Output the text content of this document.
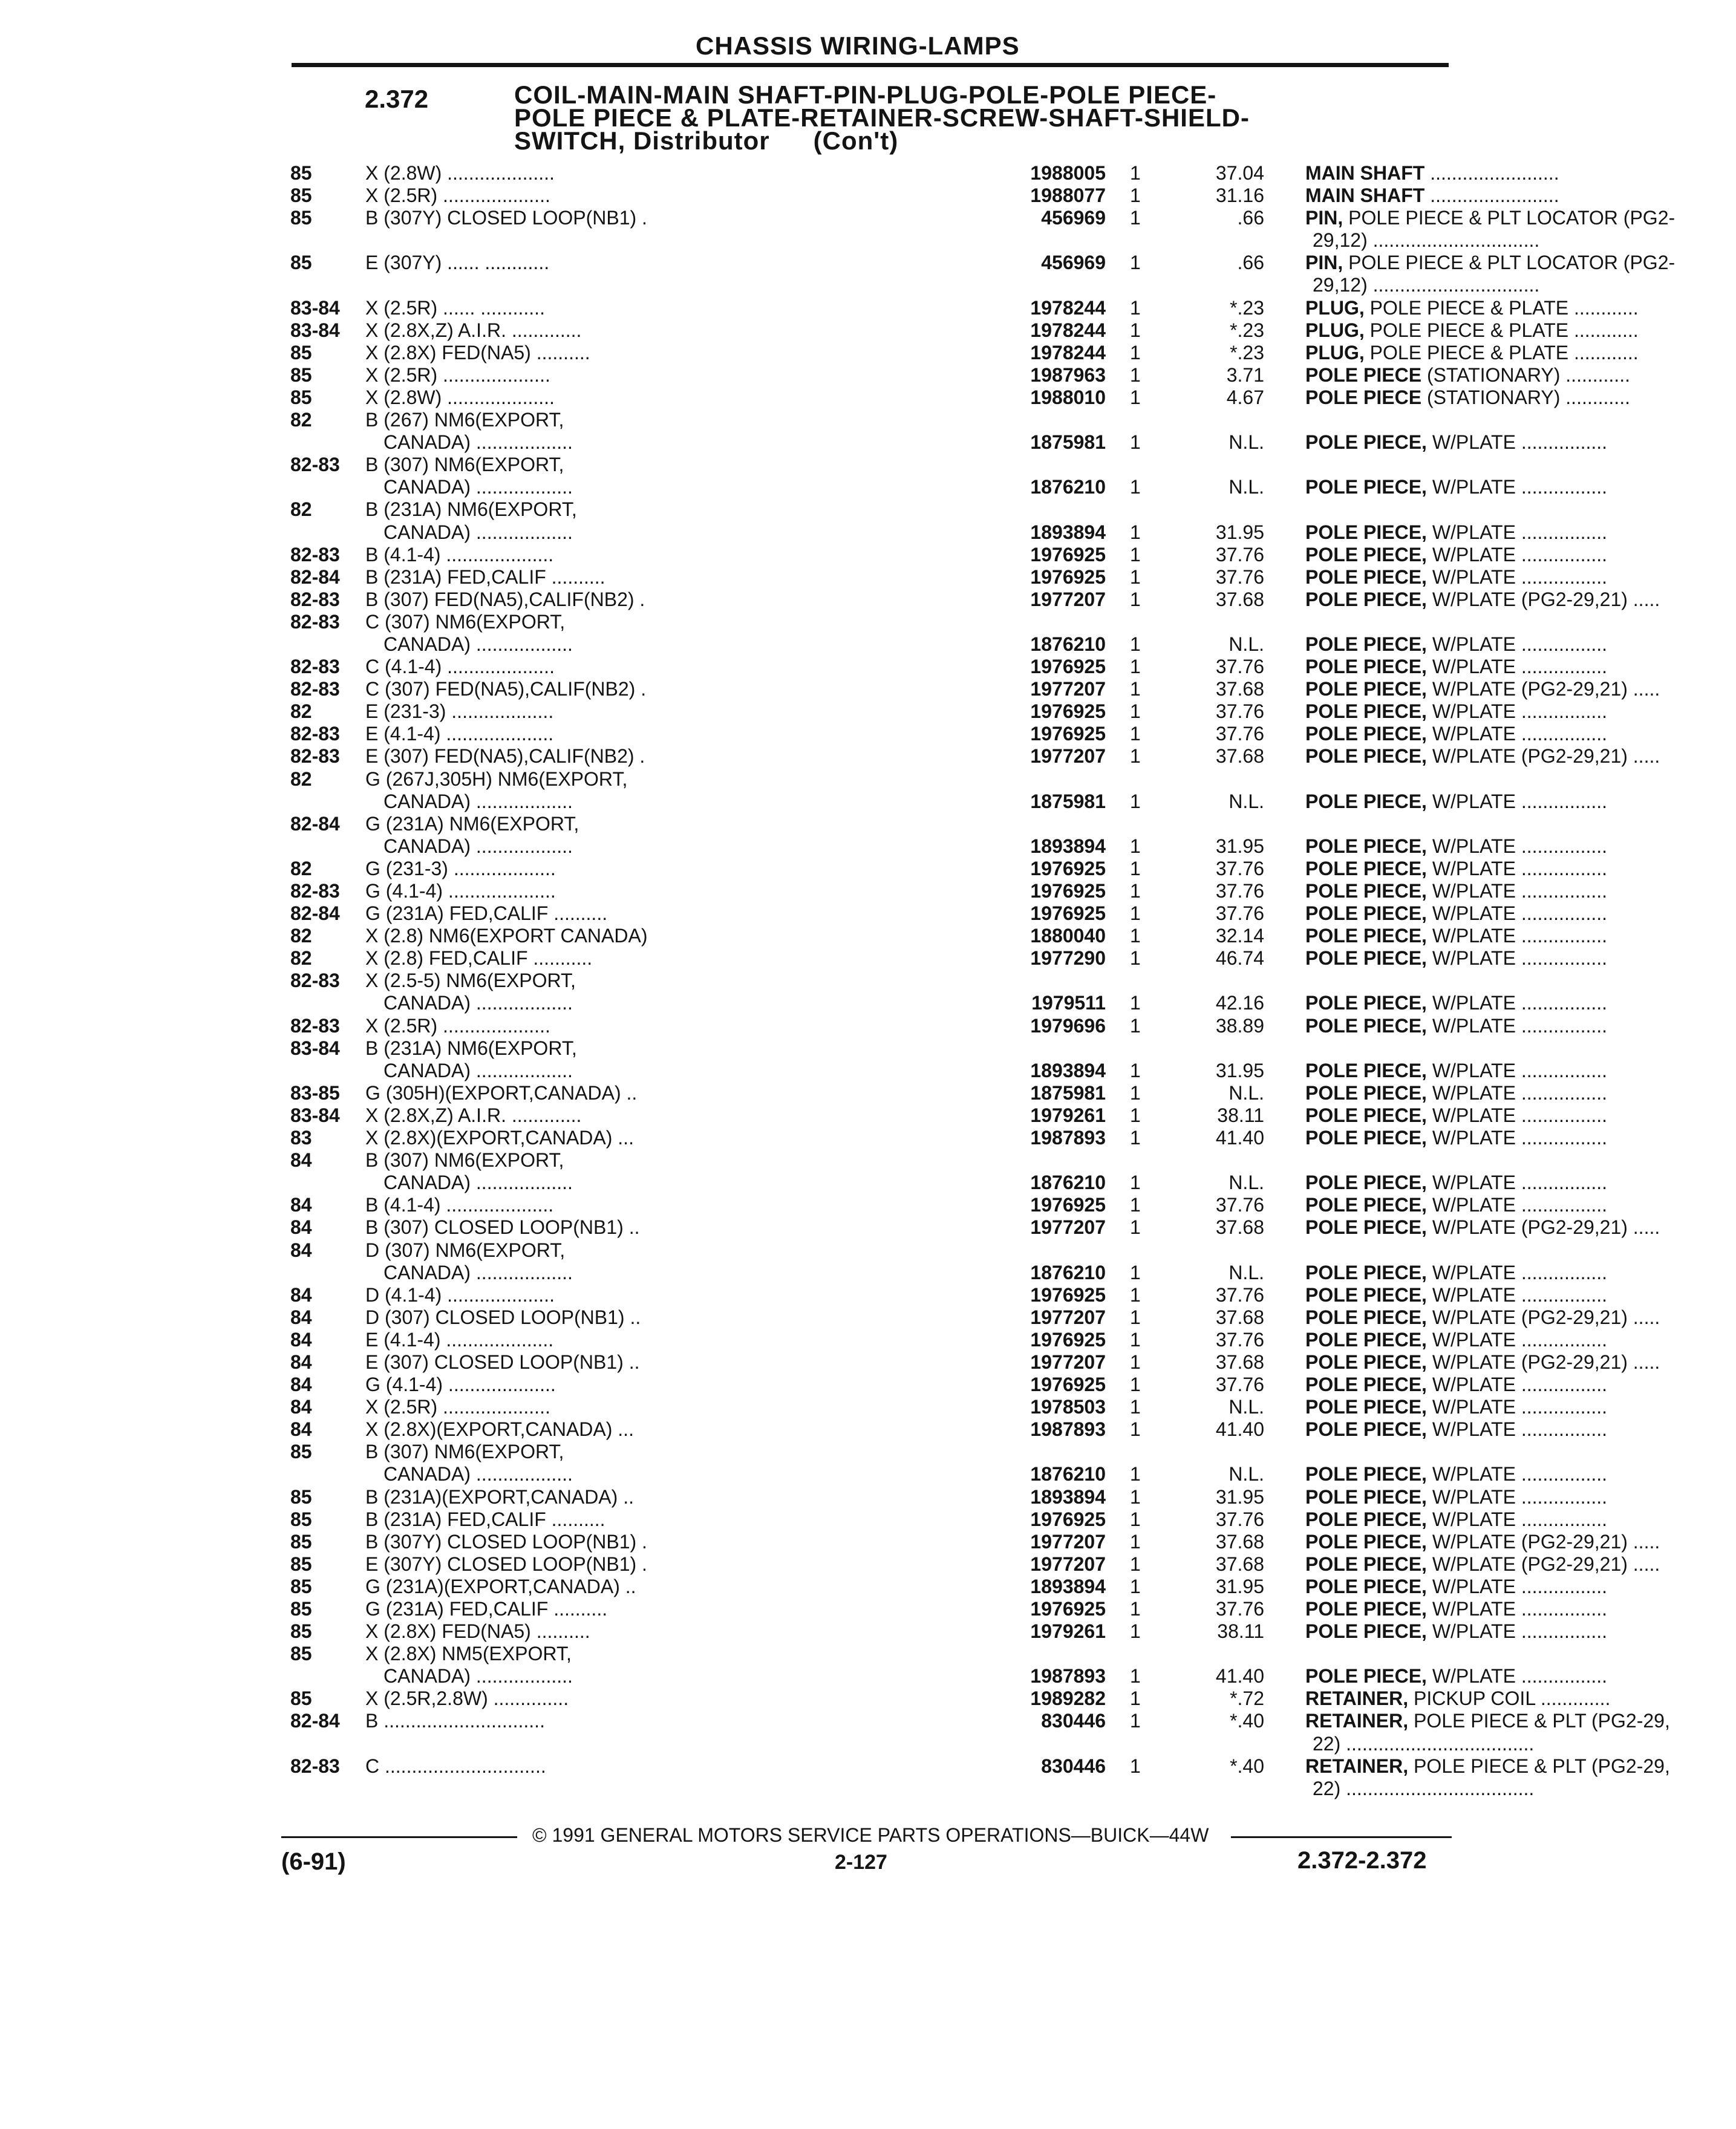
CHASSIS WIRING-LAMPS
2.372	COIL-MAIN-MAIN SHAFT-PIN-PLUG-POLE-POLE PIECE-
POLE PIECE & PLATE-RETAINER-SCREW-SHAFT-SHIELD-
SWITCH, Distributor (Con't)
85	X (2.8W) ....................	1988005 1	37.04 MAIN SHAFT ........................
85	X (2.5R) ....................	1988077 1	31.16 MAIN SHAFT ........................
85	B (307Y) CLOSED LOOP(NB1) .	456969 1	.66 PIN, POLE PIECE & PLT LOCATOR (PG2-
29,12) ...............................
85	E (307Y) ...... ............	456969 1	.66 PIN, POLE PIECE & PLT LOCATOR (PG2-
29,12) ...............................
83-84 X (2.5R) ...... ............	1978244 1	*.23 PLUG, POLE PIECE & PLATE ............
83-84 X (2.8X,Z) A.I.R. .............	1978244 1	*.23 PLUG, POLE PIECE & PLATE ............
85	X (2.8X) FED(NA5) ..........	1978244 1	*.23 PLUG, POLE PIECE & PLATE ............
85	X (2.5R) ....................	1987963 1	3.71 POLE PIECE (STATIONARY) ............
85	X (2.8W) ....................	1988010 1	4.67 POLE PIECE (STATIONARY) ............
82	B (267) NM6(EXPORT,
CANADA) ..................	1875981 1	N.L. POLE PIECE, W/PLATE ................
82-83 B (307) NM6(EXPORT,
CANADA) ..................	1876210 1	N.L. POLE PIECE, W/PLATE ................
82	B (231A) NM6(EXPORT,
CANADA) ..................	1893894 1	31.95 POLE PIECE, W/PLATE ................
82-83 B (4.1-4) ....................	1976925 1	37.76 POLE PIECE, W/PLATE ................
82-84 B (231A) FED,CALIF ..........	1976925 1	37.76 POLE PIECE, W/PLATE ................
82-83 B (307) FED(NA5),CALIF(NB2) .	1977207 1	37.68 POLE PIECE, W/PLATE (PG2-29,21) .....
82-83 C (307) NM6(EXPORT,
CANADA) ..................	1876210 1	N.L. POLE PIECE, W/PLATE ................
82-83 C (4.1-4) ....................	1976925 1	37.76 POLE PIECE, W/PLATE ................
82-83 C (307) FED(NA5),CALIF(NB2) .	1977207 1	37.68 POLE PIECE, W/PLATE (PG2-29,21) .....
82	E (231-3) ...................	1976925 1	37.76 POLE PIECE, W/PLATE ................
82-83 E (4.1-4) ....................	1976925 1	37.76 POLE PIECE, W/PLATE ................
82-83 E (307) FED(NA5),CALIF(NB2) .	1977207 1	37.68 POLE PIECE, W/PLATE (PG2-29,21) .....
82	G (267J,305H) NM6(EXPORT,
CANADA) ..................	1875981 1	N.L. POLE PIECE, W/PLATE ................
82-84 G (231A) NM6(EXPORT,
CANADA) ..................	1893894 1	31.95 POLE PIECE, W/PLATE ................
82	G (231-3) ...................	1976925 1	37.76 POLE PIECE, W/PLATE ................
82-83 G (4.1-4) ....................	1976925 1	37.76 POLE PIECE, W/PLATE ................
82-84 G (231A) FED,CALIF ..........	1976925 1	37.76 POLE PIECE, W/PLATE ................
82	X (2.8) NM6(EXPORT CANADA)	1880040 1	32.14 POLE PIECE, W/PLATE ................
82	X (2.8) FED,CALIF ...........	1977290 1	46.74 POLE PIECE, W/PLATE ................
82-83 X (2.5-5) NM6(EXPORT,
CANADA) ..................	1979511 1	42.16 POLE PIECE, W/PLATE ................
82-83 X (2.5R) ....................	1979696 1	38.89 POLE PIECE, W/PLATE ................
83-84 B (231A) NM6(EXPORT,
CANADA) ..................	1893894 1	31.95 POLE PIECE, W/PLATE ................
83-85 G (305H)(EXPORT,CANADA) ..	1875981 1	N.L. POLE PIECE, W/PLATE ................
83-84 X (2.8X,Z) A.I.R. .............	1979261 1	38.11 POLE PIECE, W/PLATE ................
83	X (2.8X)(EXPORT,CANADA) ...	1987893 1	41.40 POLE PIECE, W/PLATE ................
84	B (307) NM6(EXPORT,
CANADA) ..................	1876210 1	N.L. POLE PIECE, W/PLATE ................
84	B (4.1-4) ....................	1976925 1	37.76 POLE PIECE, W/PLATE ................
84	B (307) CLOSED LOOP(NB1) ..	1977207 1	37.68 POLE PIECE, W/PLATE (PG2-29,21) .....
84	D (307) NM6(EXPORT,
CANADA) ..................	1876210 1	N.L. POLE PIECE, W/PLATE ................
84	D (4.1-4) ....................	1976925 1	37.76 POLE PIECE, W/PLATE ................
84	D (307) CLOSED LOOP(NB1) ..	1977207 1	37.68 POLE PIECE, W/PLATE (PG2-29,21) .....
84	E (4.1-4) ....................	1976925 1	37.76 POLE PIECE, W/PLATE ................
84	E (307) CLOSED LOOP(NB1) ..	1977207 1	37.68 POLE PIECE, W/PLATE (PG2-29,21) .....
84	G (4.1-4) ....................	1976925 1	37.76 POLE PIECE, W/PLATE ................
84	X (2.5R) ....................	1978503 1	N.L. POLE PIECE, W/PLATE ................
84	X (2.8X)(EXPORT,CANADA) ...	1987893 1	41.40 POLE PIECE, W/PLATE ................
85	B (307) NM6(EXPORT,
CANADA) ..................	1876210 1	N.L. POLE PIECE, W/PLATE ................
85	B (231A)(EXPORT,CANADA) ..	1893894 1	31.95 POLE PIECE, W/PLATE ................
85	B (231A) FED,CALIF ..........	1976925 1	37.76 POLE PIECE, W/PLATE ................
85	B (307Y) CLOSED LOOP(NB1) .	1977207 1	37.68 POLE PIECE, W/PLATE (PG2-29,21) .....
85	E (307Y) CLOSED LOOP(NB1) .	1977207 1	37.68 POLE PIECE, W/PLATE (PG2-29,21) .....
85	G (231A)(EXPORT,CANADA) ..	1893894 1	31.95 POLE PIECE, W/PLATE ................
85	G (231A) FED,CALIF ..........	1976925 1	37.76 POLE PIECE, W/PLATE ................
85	X (2.8X) FED(NA5) ..........	1979261 1	38.11 POLE PIECE, W/PLATE ................
85	X (2.8X) NM5(EXPORT,
CANADA) ..................	1987893 1	41.40 POLE PIECE, W/PLATE ................
85	X (2.5R,2.8W) ..............	1989282 1	*.72 RETAINER, PICKUP COIL .............
82-84 B ..............................	830446 1	*.40 RETAINER, POLE PIECE & PLT (PG2-29,
22) ...................................
82-83 C ..............................	830446 1	*.40 RETAINER, POLE PIECE & PLT (PG2-29,
22) ...................................
© 1991 GENERAL MOTORS SERVICE PARTS OPERATIONS—BUICK—44W
(6-91)	2-127	2.372-2.372
